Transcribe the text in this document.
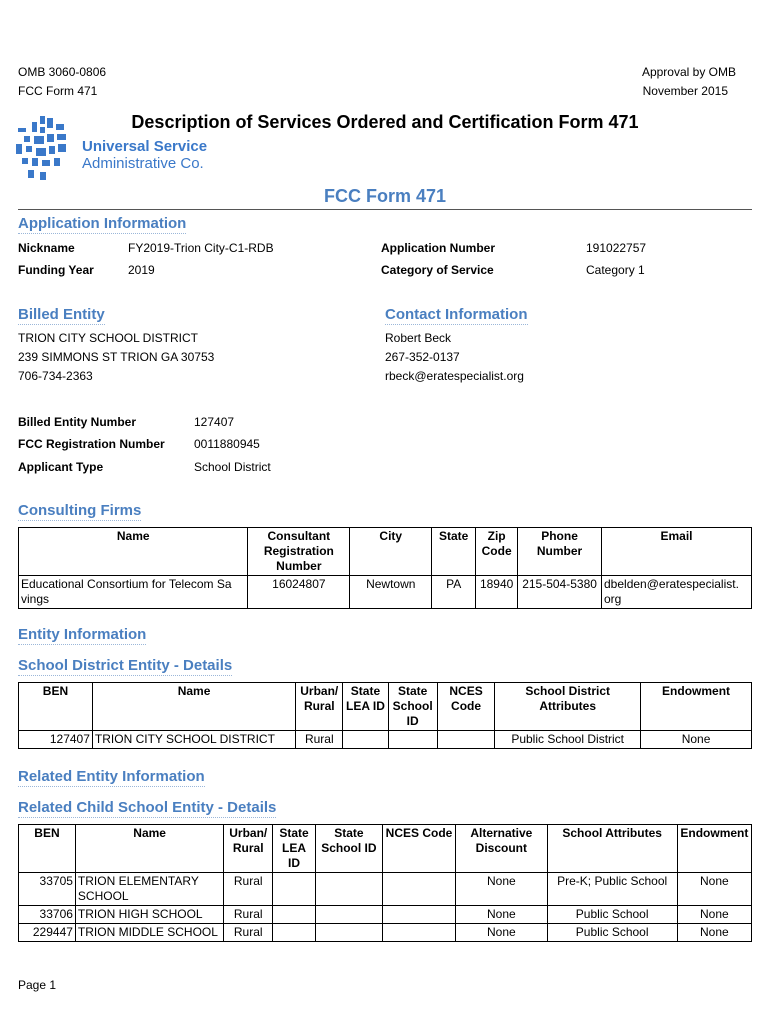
OMB 3060-0806
FCC Form 471
Approval by OMB
November 2015
Universal Service
Administrative Co.
Description of Services Ordered and Certification Form 471
FCC Form 471
Application Information
Nickname	FY2019-Trion City-C1-RDB
Funding Year	2019
Application Number	191022757
Category of Service	Category 1
Billed Entity
TRION CITY SCHOOL DISTRICT
239 SIMMONS ST TRION GA 30753
706-734-2363
Contact Information
Robert Beck
267-352-0137
rbeck@eratespecialist.org
Billed Entity Number	127407
FCC Registration Number 0011880945
Applicant Type	School District
Consulting Firms
Name	Consultant Registration Number	City	State	Zip Code	Phone Number	Email
Educational Consortium for Telecom Sa vings	16024807	Newtown	PA	18940	215-504-5380	dbelden@eratespecialist. org
Entity Information
School District Entity - Details
BEN	Name	Urban/ Rural	State LEA ID	State School ID	NCES Code	School District Attributes	Endowment
127407	TRION CITY SCHOOL DISTRICT	Rural				Public School District	None
Related Entity Information
Related Child School Entity - Details
BEN	Name	Urban/ Rural	State LEA ID	State School ID	NCES Code	Alternative Discount	School Attributes	Endowment
33705	TRION ELEMENTARY SCHOOL	Rural				None	Pre-K; Public School	None
33706	TRION HIGH SCHOOL	Rural				None	Public School	None
229447	TRION MIDDLE SCHOOL	Rural				None	Public School	None
Page 1
